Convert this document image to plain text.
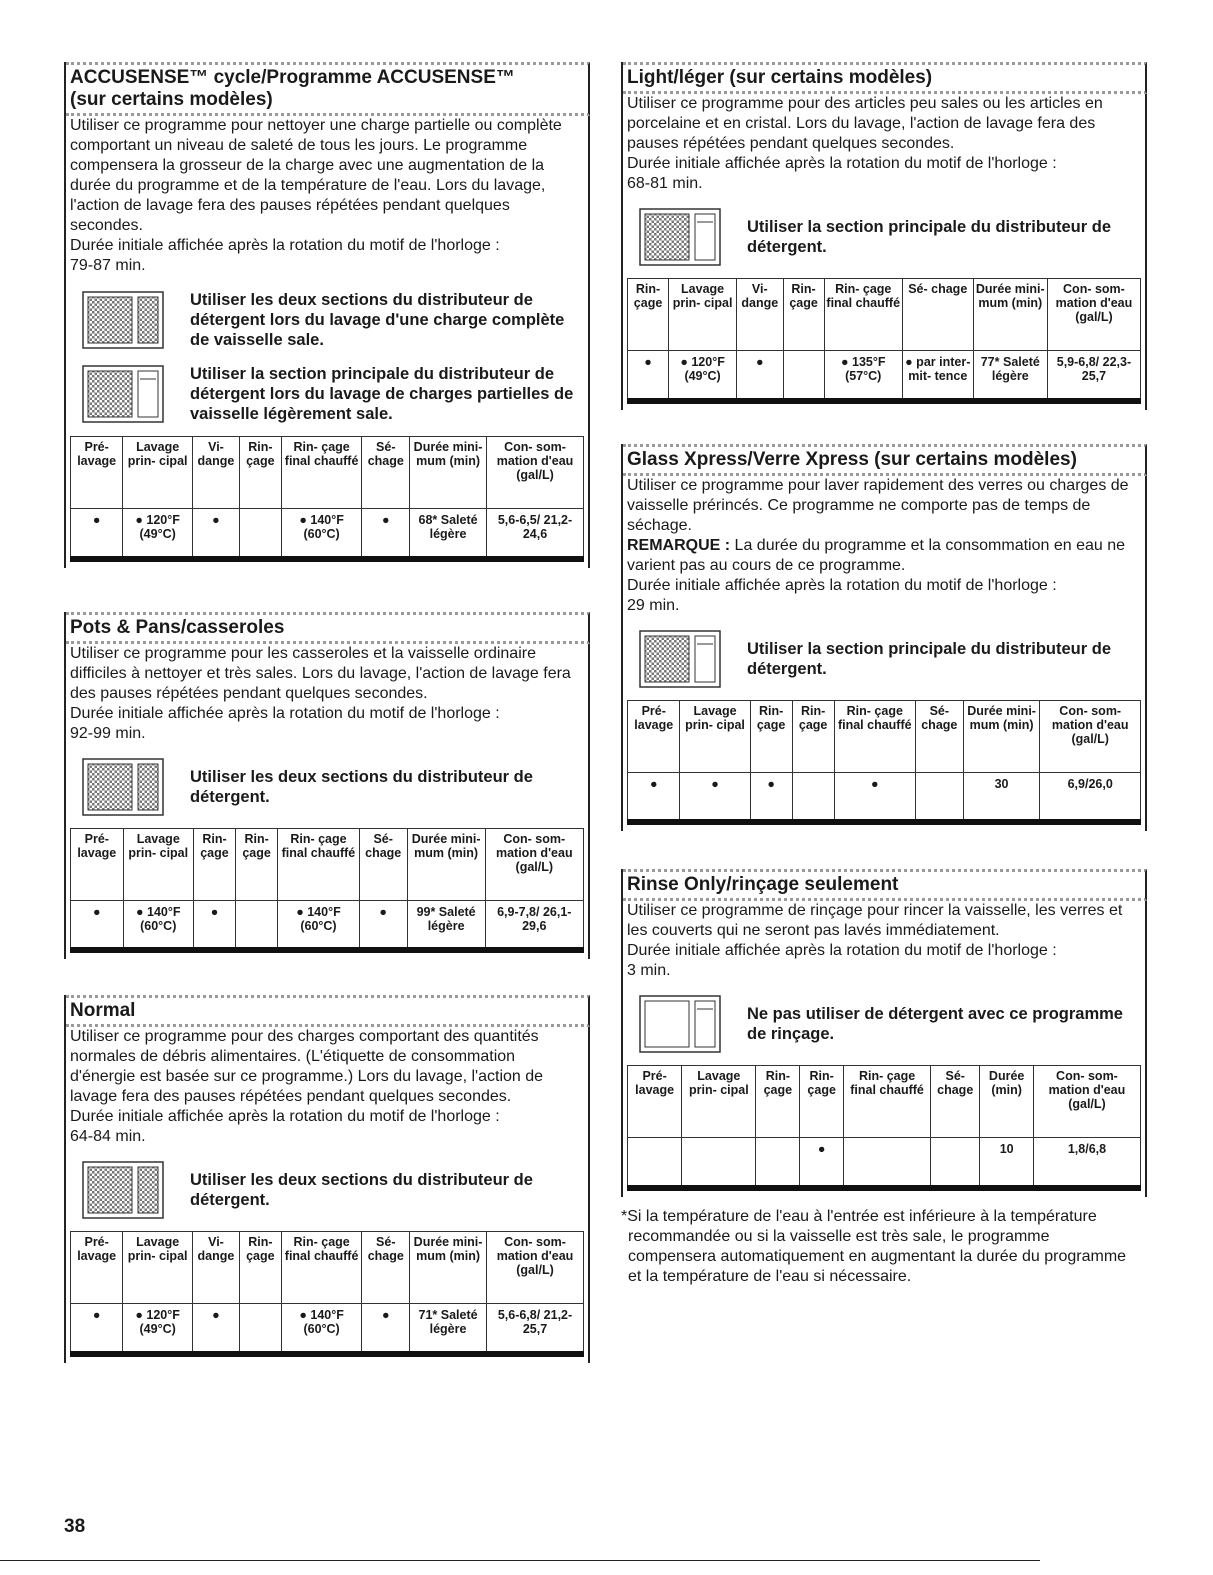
ACCUSENSE™ cycle/Programme ACCUSENSE™
(sur certains modèles)

Utiliser ce programme pour nettoyer une charge partielle ou complète comportant un niveau de saleté de tous les jours. Le programme compensera la grosseur de la charge avec une augmentation de la durée du programme et de la température de l'eau. Lors du lavage, l'action de lavage fera des pauses répétées pendant quelques secondes.

Durée initiale affichée après la rotation du motif de l'horloge :

79-87 min.

Utiliser les deux sections du distributeur de détergent lors du lavage d'une charge complète de vaisselle sale.
Utiliser la section principale du distributeur de détergent lors du lavage de charges partielles de vaisselle légèrement sale.
Pré- lavage	Lavage prin- cipal	Vi- dange	Rin- çage	Rin- çage final chauffé	Sé- chage	Durée mini- mum (min)	Con- som- mation d'eau (gal/L)
●	● 120°F (49°C)	●		● 140°F (60°C)	●	68* Saleté légère	5,6-6,5/ 21,2-24,6
Pots & Pans/casseroles

Utiliser ce programme pour les casseroles et la vaisselle ordinaire difficiles à nettoyer et très sales. Lors du lavage, l'action de lavage fera des pauses répétées pendant quelques secondes.

Durée initiale affichée après la rotation du motif de l'horloge :

92-99 min.

Utiliser les deux sections du distributeur de détergent.
Pré- lavage	Lavage prin- cipal	Rin- çage	Rin- çage	Rin- çage final chauffé	Sé- chage	Durée mini- mum (min)	Con- som- mation d'eau (gal/L)
●	● 140°F (60°C)	●		● 140°F (60°C)	●	99* Saleté légère	6,9-7,8/ 26,1-29,6
Normal

Utiliser ce programme pour des charges comportant des quantités normales de débris alimentaires. (L'étiquette de consommation d'énergie est basée sur ce programme.) Lors du lavage, l'action de lavage fera des pauses répétées pendant quelques secondes.

Durée initiale affichée après la rotation du motif de l'horloge :

64-84 min.

Utiliser les deux sections du distributeur de détergent.
Pré- lavage	Lavage prin- cipal	Vi- dange	Rin- çage	Rin- çage final chauffé	Sé- chage	Durée mini- mum (min)	Con- som- mation d'eau (gal/L)
●	● 120°F (49°C)	●		● 140°F (60°C)	●	71* Saleté légère	5,6-6,8/ 21,2-25,7
Light/léger (sur certains modèles)

Utiliser ce programme pour des articles peu sales ou les articles en porcelaine et en cristal. Lors du lavage, l'action de lavage fera des pauses répétées pendant quelques secondes.

Durée initiale affichée après la rotation du motif de l'horloge :

68-81 min.

Utiliser la section principale du distributeur de détergent.
Rin- çage	Lavage prin- cipal	Vi- dange	Rin- çage	Rin- çage final chauffé	Sé- chage	Durée mini- mum (min)	Con- som- mation d'eau (gal/L)
●	● 120°F (49°C)	●		● 135°F (57°C)	● par inter- mit- tence	77* Saleté légère	5,9-6,8/ 22,3-25,7
Glass Xpress/Verre Xpress (sur certains modèles)

Utiliser ce programme pour laver rapidement des verres ou charges de vaisselle prérincés. Ce programme ne comporte pas de temps de séchage.

REMARQUE : La durée du programme et la consommation en eau ne varient pas au cours de ce programme.

Durée initiale affichée après la rotation du motif de l'horloge :

29 min.

Utiliser la section principale du distributeur de détergent.
Pré- lavage	Lavage prin- cipal	Rin- çage	Rin- çage	Rin- çage final chauffé	Sé- chage	Durée mini- mum (min)	Con- som- mation d'eau (gal/L)
●	●	●		●		30	6,9/26,0
Rinse Only/rinçage seulement

Utiliser ce programme de rinçage pour rincer la vaisselle, les verres et les couverts qui ne seront pas lavés immédiatement.

Durée initiale affichée après la rotation du motif de l'horloge :

3 min.

Ne pas utiliser de détergent avec ce programme de rinçage.
Pré- lavage	Lavage prin- cipal	Rin- çage	Rin- çage	Rin- çage final chauffé	Sé- chage	Durée (min)	Con- som- mation d'eau (gal/L)
			●			10	1,8/6,8

*Si la température de l'eau à l'entrée est inférieure à la température recommandée ou si la vaisselle est très sale, le programme compensera automatiquement en augmentant la durée du programme et la température de l'eau si nécessaire.

38
